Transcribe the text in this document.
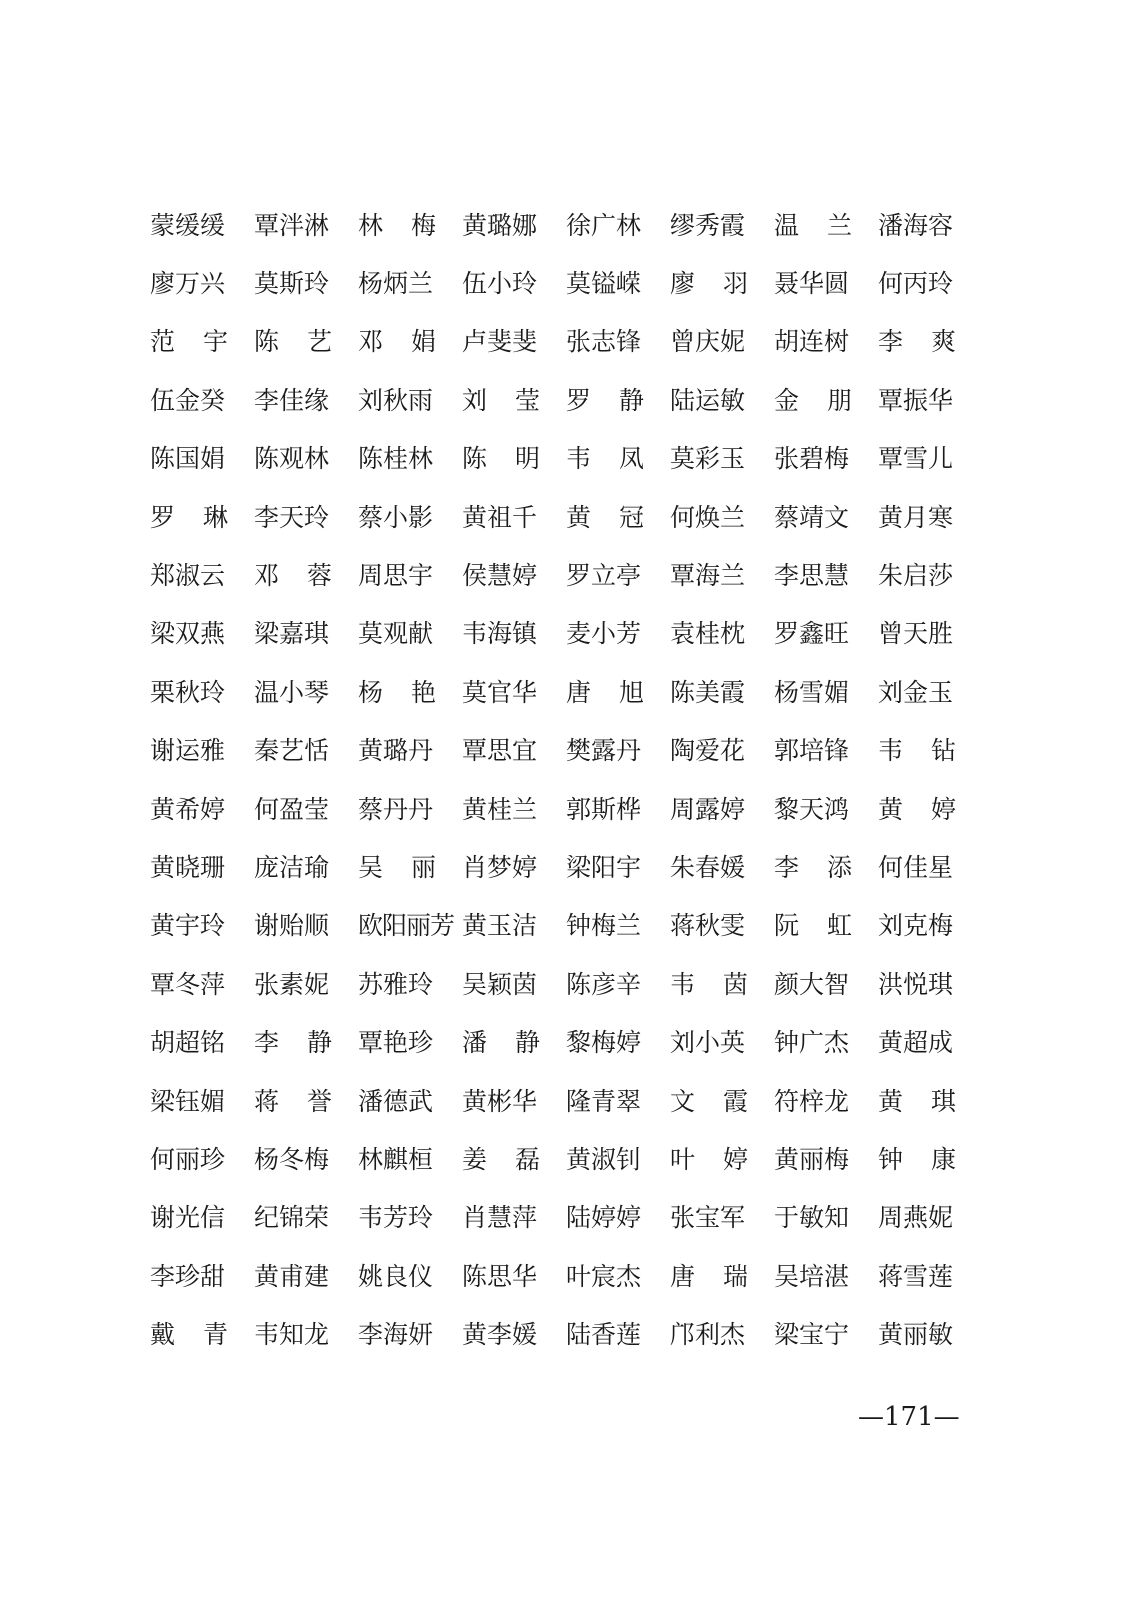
蒙缓缓 覃泮淋 林 梅 黄璐娜 徐广林 缪秀霞 温 兰 潘海容
廖万兴 莫斯玲 杨炳兰 伍小玲 莫镒嵘 廖 羽 聂华圆 何丙玲
范 宇 陈 艺 邓 娟 卢斐斐 张志锋 曾庆妮 胡连树 李 爽
伍金癸 李佳缘 刘秋雨 刘 莹 罗 静 陆运敏 金 朋 覃振华
陈国娟 陈观林 陈桂林 陈 明 韦 凤 莫彩玉 张碧梅 覃雪儿
罗 琳 李天玲 蔡小影 黄祖千 黄 冠 何焕兰 蔡靖文 黄月寒
郑淑云 邓 蓉 周思宇 侯慧婷 罗立亭 覃海兰 李思慧 朱启莎
梁双燕 梁嘉琪 莫观献 韦海镇 麦小芳 袁桂枕 罗鑫旺 曾天胜
栗秋玲 温小琴 杨 艳 莫官华 唐 旭 陈美霞 杨雪媚 刘金玉
谢运雅 秦艺恬 黄璐丹 覃思宜 樊露丹 陶爱花 郭培锋 韦 钻
黄希婷 何盈莹 蔡丹丹 黄桂兰 郭斯桦 周露婷 黎天鸿 黄 婷
黄晓珊 庞洁瑜 吴 丽 肖梦婷 梁阳宇 朱春媛 李 添 何佳星
黄宇玲 谢贻顺 欧阳丽芳 黄玉洁 钟梅兰 蒋秋雯 阮 虹 刘克梅
覃冬萍 张素妮 苏雅玲 吴颖茵 陈彦辛 韦 茵 颜大智 洪悦琪
胡超铭 李 静 覃艳珍 潘 静 黎梅婷 刘小英 钟广杰 黄超成
梁钰媚 蒋 誉 潘德武 黄彬华 隆青翠 文 霞 符梓龙 黄 琪
何丽珍 杨冬梅 林麒桓 姜 磊 黄淑钊 叶 婷 黄丽梅 钟 康
谢光信 纪锦荣 韦芳玲 肖慧萍 陆婷婷 张宝军 于敏知 周燕妮
李珍甜 黄甫建 姚良仪 陈思华 叶宸杰 唐 瑞 吴培湛 蒋雪莲
戴 青 韦知龙 李海妍 黄李媛 陆香莲 邝利杰 梁宝宁 黄丽敏
—171—
